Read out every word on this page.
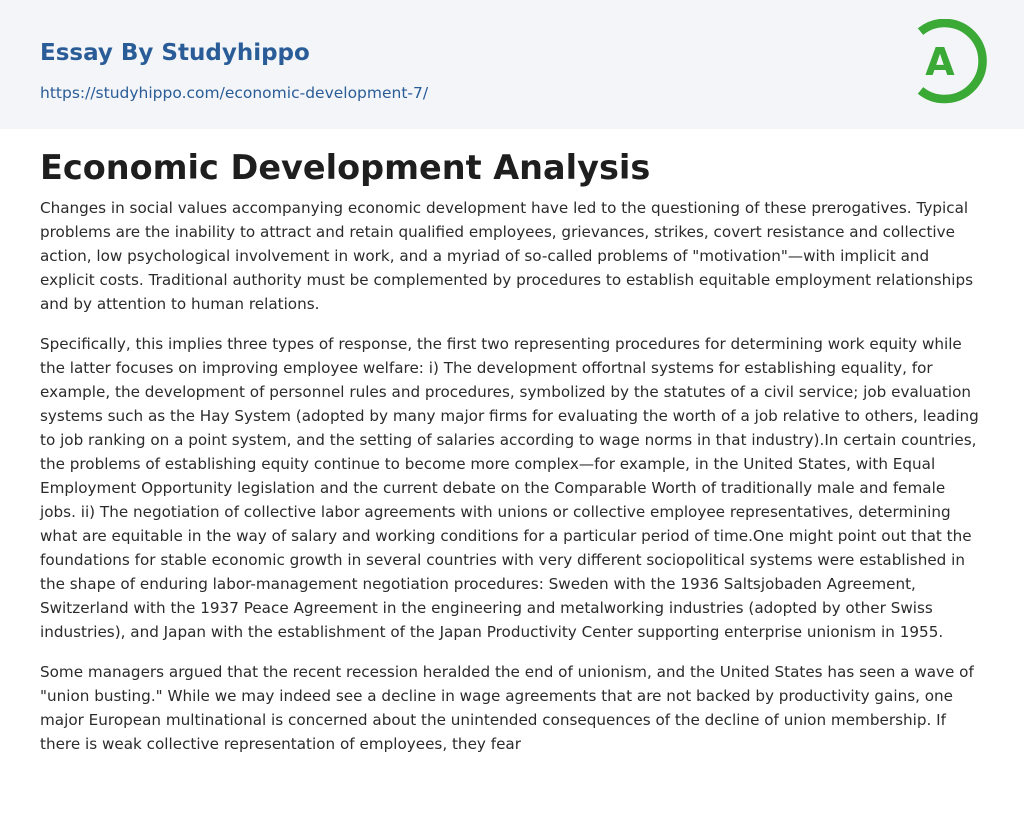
Essay By Studyhippo
https://studyhippo.com/economic-development-7/
A
Economic Development Analysis

Changes in social values accompanying economic development have led to the questioning of these prerogatives. Typical problems are the inability to attract and retain qualified employees, grievances, strikes, covert resistance and collective action, low psychological involvement in work, and a myriad of so-called problems of "motivation"—with implicit and explicit costs. Traditional authority must be complemented by procedures to establish equitable employment relationships and by attention to human relations.

Specifically, this implies three types of response, the first two representing procedures for determining work equity while the latter focuses on improving employee welfare: i) The development offortnal systems for establishing equality, for example, the development of personnel rules and procedures, symbolized by the statutes of a civil service; job evaluation systems such as the Hay System (adopted by many major firms for evaluating the worth of a job relative to others, leading to job ranking on a point system, and the setting of salaries according to wage norms in that industry).In certain countries, the problems of establishing equity continue to become more complex—for example, in the United States, with Equal Employment Opportunity legislation and the current debate on the Comparable Worth of traditionally male and female jobs. ii) The negotiation of collective labor agreements with unions or collective employee representatives, determining what are equitable in the way of salary and working conditions for a particular period of time.One might point out that the foundations for stable economic growth in several countries with very different sociopolitical systems were established in the shape of enduring labor-management negotiation procedures: Sweden with the 1936 Saltsjobaden Agreement, Switzerland with the 1937 Peace Agreement in the engineering and metalworking industries (adopted by other Swiss industries), and Japan with the establishment of the Japan Productivity Center supporting enterprise unionism in 1955.

Some managers argued that the recent recession heralded the end of unionism, and the United States has seen a wave of "union busting." While we may indeed see a decline in wage agreements that are not backed by productivity gains, one major European multinational is concerned about the unintended consequences of the decline of union membership. If there is weak collective representation of employees, they fear
